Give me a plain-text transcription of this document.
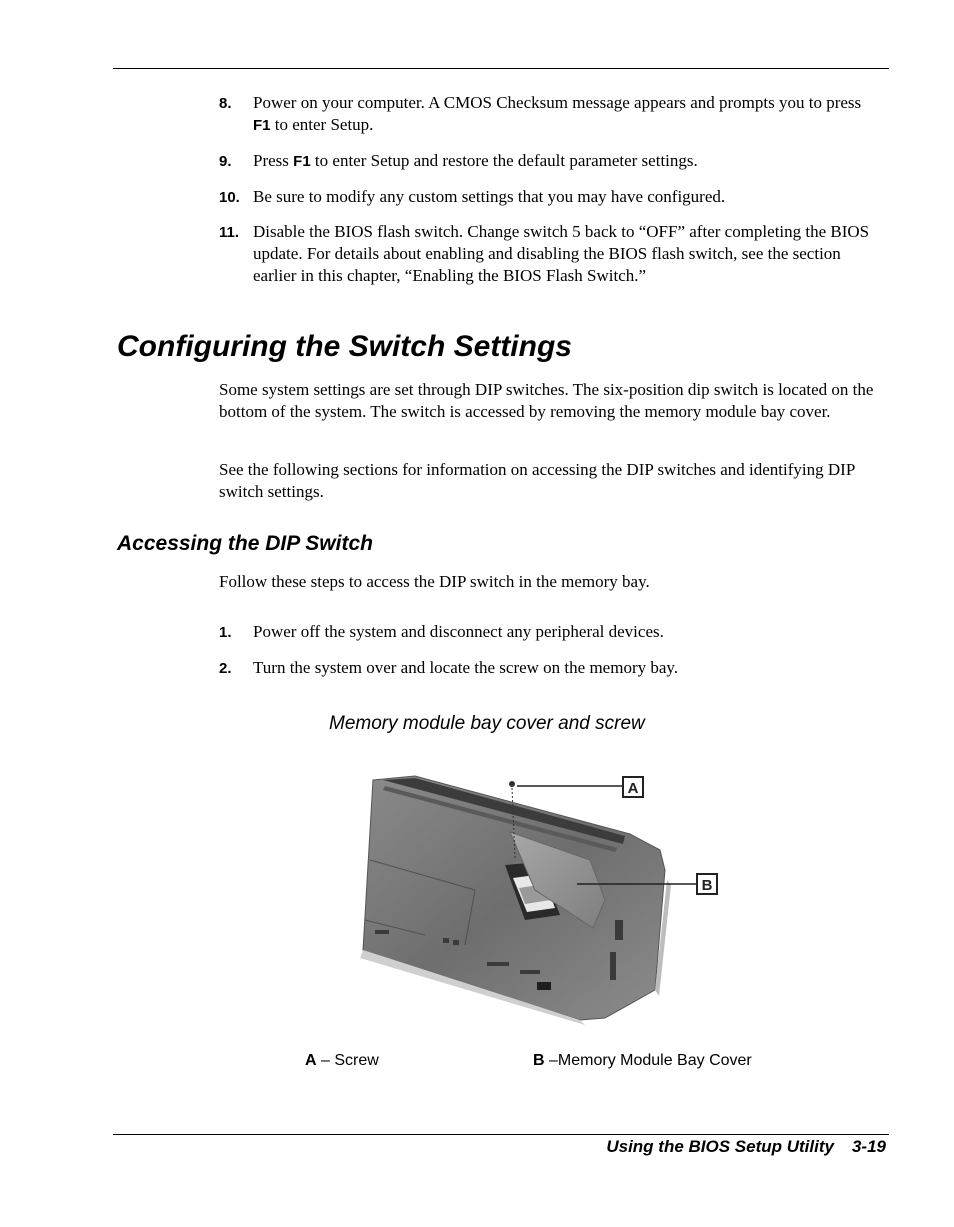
8. Power on your computer. A CMOS Checksum message appears and prompts you to press F1 to enter Setup.
9. Press F1 to enter Setup and restore the default parameter settings.
10. Be sure to modify any custom settings that you may have configured.
11. Disable the BIOS flash switch. Change switch 5 back to “OFF” after completing the BIOS update. For details about enabling and disabling the BIOS flash switch, see the section earlier in this chapter, “Enabling the BIOS Flash Switch.”
Configuring the Switch Settings

Some system settings are set through DIP switches. The six-position dip switch is located on the bottom of the system. The switch is accessed by removing the memory module bay cover.

See the following sections for information on accessing the DIP switches and identifying DIP switch settings.

Accessing the DIP Switch

Follow these steps to access the DIP switch in the memory bay.

1. Power off the system and disconnect any peripheral devices.
2. Turn the system over and locate the screw on the memory bay.
Memory module bay cover and screw
A
B
A – Screw	B –Memory Module Bay Cover
Using the BIOS Setup Utility 3-19
